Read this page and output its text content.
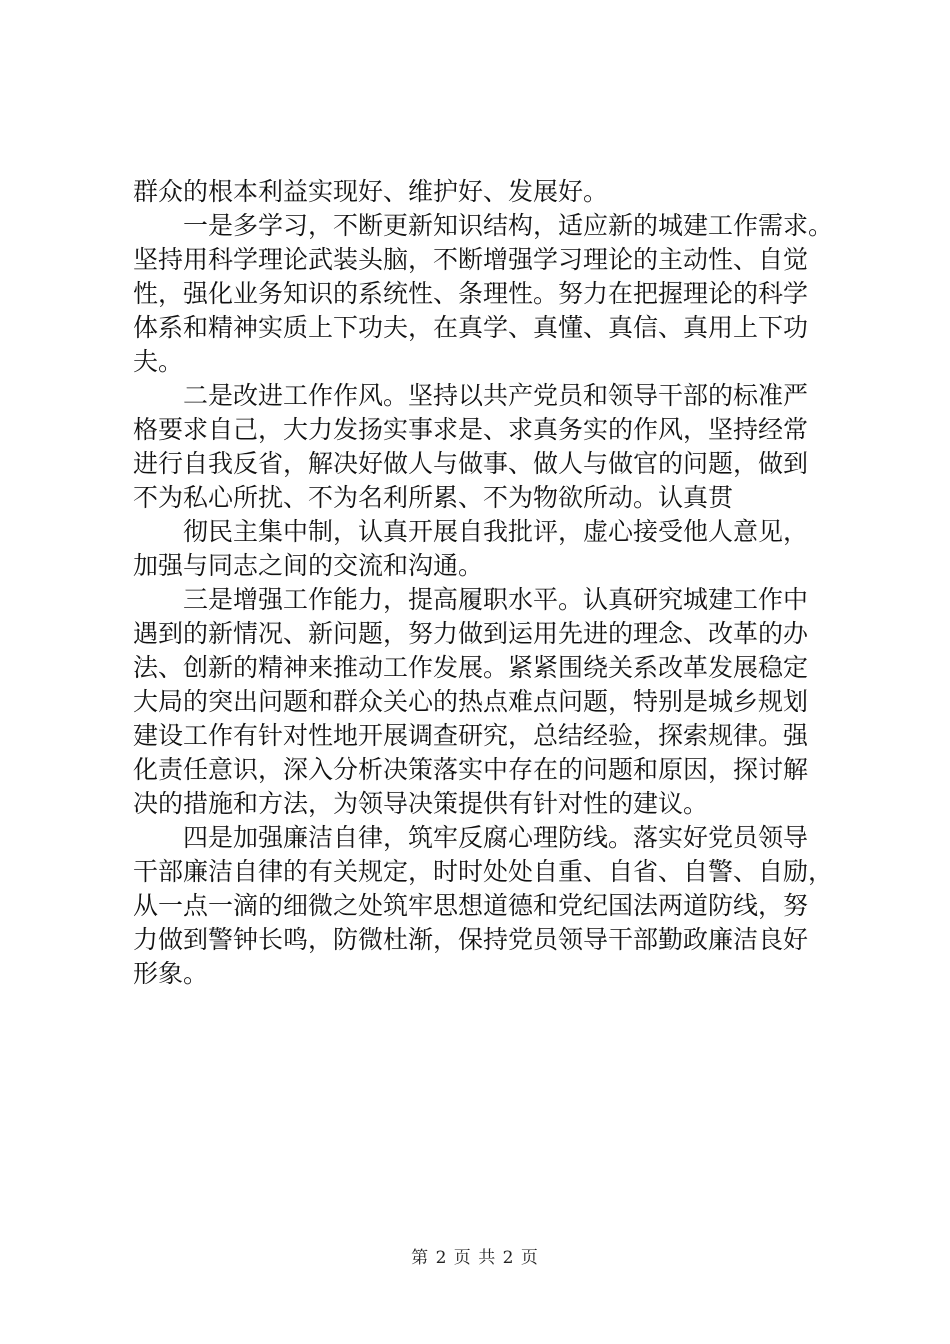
群众的根本利益实现好、维护好、发展好。
一是多学习，不断更新知识结构，适应新的城建工作需求。
坚持用科学理论武装头脑，不断增强学习理论的主动性、自觉
性，强化业务知识的系统性、条理性。努力在把握理论的科学
体系和精神实质上下功夫，在真学、真懂、真信、真用上下功
夫。
二是改进工作作风。坚持以共产党员和领导干部的标准严
格要求自己，大力发扬实事求是、求真务实的作风，坚持经常
进行自我反省，解决好做人与做事、做人与做官的问题，做到
不为私心所扰、不为名利所累、不为物欲所动。认真贯
彻民主集中制，认真开展自我批评，虚心接受他人意见，
加强与同志之间的交流和沟通。
三是增强工作能力，提高履职水平。认真研究城建工作中
遇到的新情况、新问题，努力做到运用先进的理念、改革的办
法、创新的精神来推动工作发展。紧紧围绕关系改革发展稳定
大局的突出问题和群众关心的热点难点问题，特别是城乡规划
建设工作有针对性地开展调查研究，总结经验，探索规律。强
化责任意识，深入分析决策落实中存在的问题和原因，探讨解
决的措施和方法，为领导决策提供有针对性的建议。
四是加强廉洁自律，筑牢反腐心理防线。落实好党员领导
干部廉洁自律的有关规定，时时处处自重、自省、自警、自励，
从一点一滴的细微之处筑牢思想道德和党纪国法两道防线，努
力做到警钟长鸣，防微杜渐，保持党员领导干部勤政廉洁良好
形象。
第 2 页 共 2 页
